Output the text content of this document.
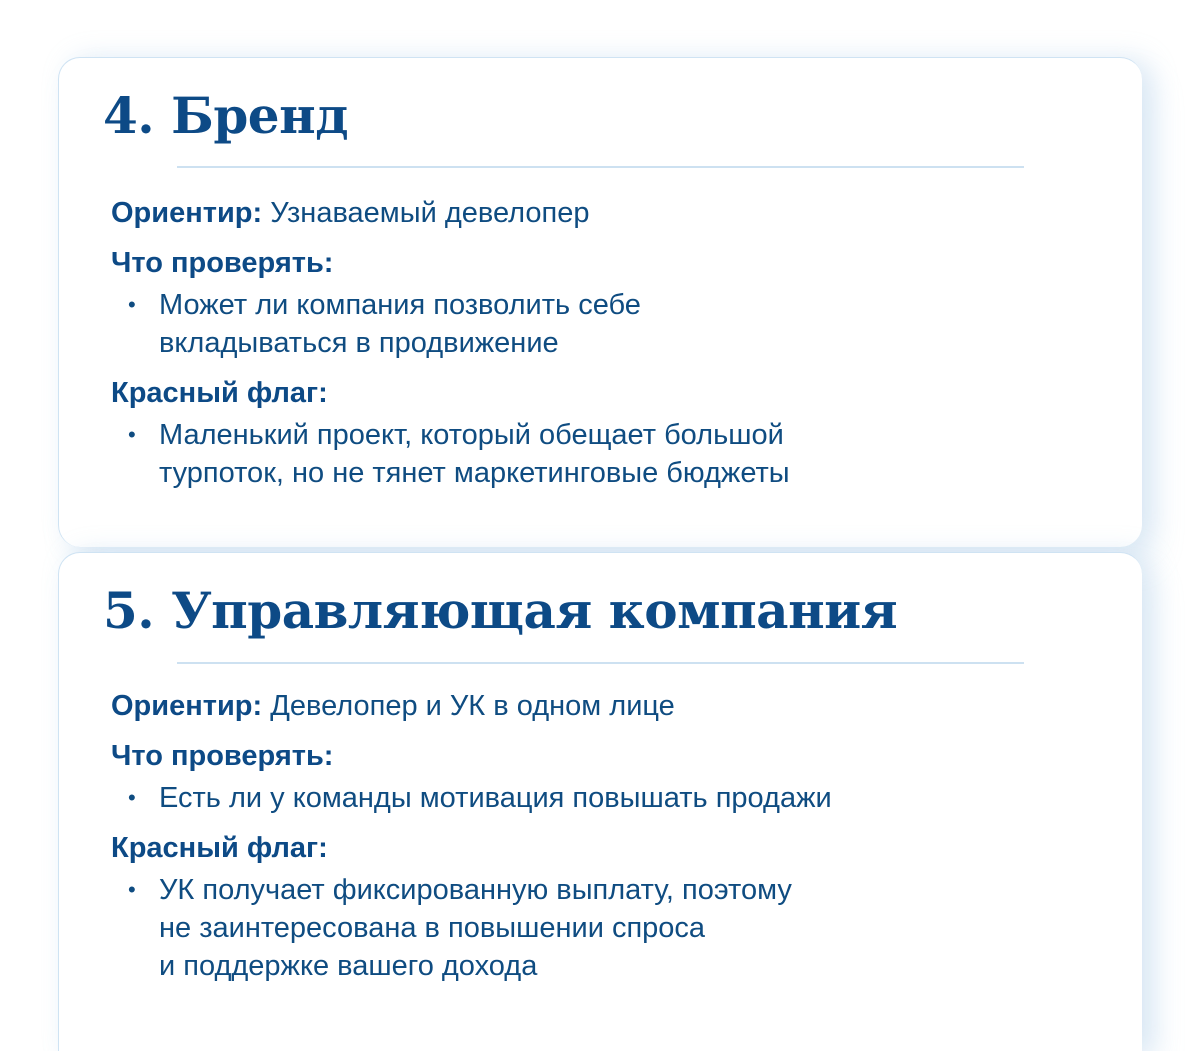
4. Бренд

Ориентир: Узнаваемый девелопер

Что проверять:

• Может ли компания позволить себе
вкладываться в продвижение

Красный флаг:

• Маленький проект, который обещает большой
турпоток, но не тянет маркетинговые бюджеты
5. Управляющая компания

Ориентир: Девелопер и УК в одном лице

Что проверять:

• Есть ли у команды мотивация повышать продажи

Красный флаг:

• УК получает фиксированную выплату, поэтому
не заинтересована в повышении спроса
и поддержке вашего дохода
